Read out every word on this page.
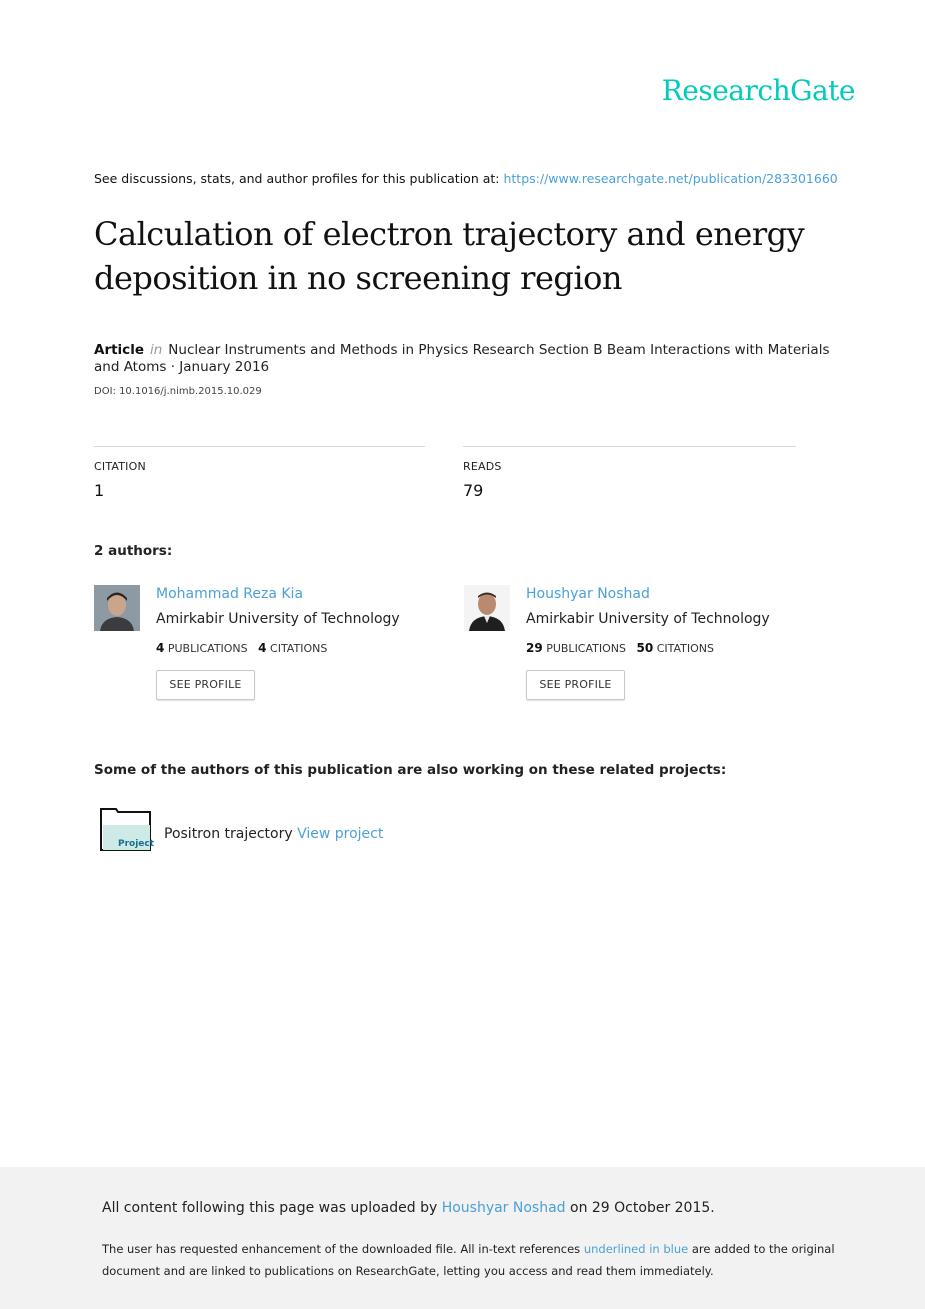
ResearchGate
See discussions, stats, and author profiles for this publication at: https://www.researchgate.net/publication/283301660
Calculation of electron trajectory and energy deposition in no screening region
Article in Nuclear Instruments and Methods in Physics Research Section B Beam Interactions with Materials and Atoms · January 2016
DOI: 10.1016/j.nimb.2015.10.029
CITATION
1
READS
79
2 authors:
Mohammad Reza Kia
Amirkabir University of Technology
4 PUBLICATIONS 4 CITATIONS
SEE PROFILE
Houshyar Noshad
Amirkabir University of Technology
29 PUBLICATIONS 50 CITATIONS
SEE PROFILE
Some of the authors of this publication are also working on these related projects:
Project
Positron trajectory View project
All content following this page was uploaded by Houshyar Noshad on 29 October 2015.
The user has requested enhancement of the downloaded file. All in-text references underlined in blue are added to the original document and are linked to publications on ResearchGate, letting you access and read them immediately.
